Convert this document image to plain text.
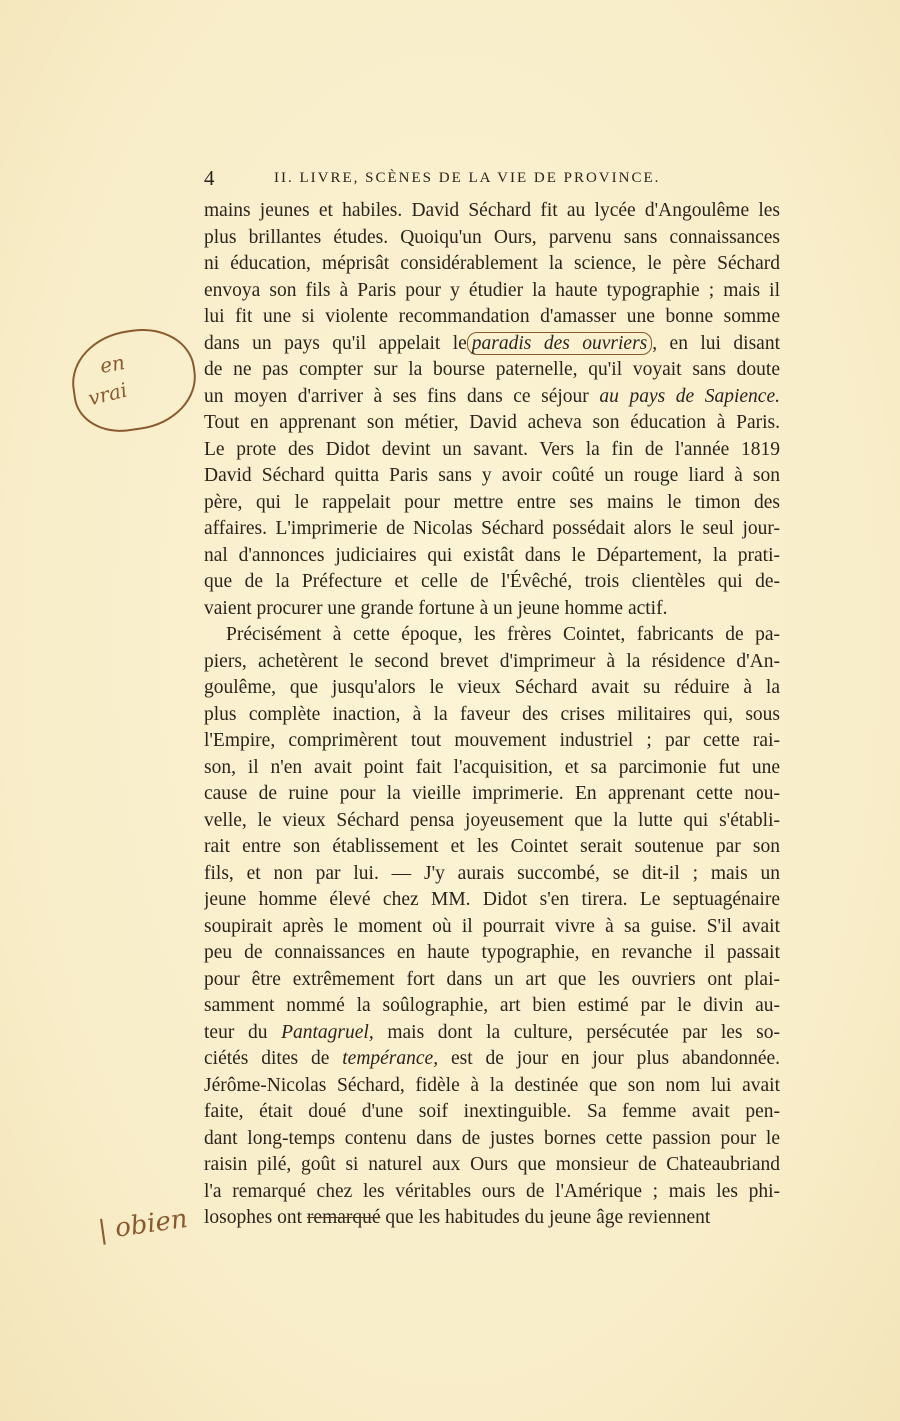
4	II. LIVRE, SCÈNES DE LA VIE DE PROVINCE.
mains jeunes et habiles. David Séchard fit au lycée d'Angoulême les
plus brillantes études. Quoiqu'un Ours, parvenu sans connaissances
ni éducation, méprisât considérablement la science, le père Séchard
envoya son fils à Paris pour y étudier la haute typographie ; mais il
lui fit une si violente recommandation d'amasser une bonne somme
dans un pays qu'il appelait le paradis des ouvriers , en lui disant
de ne pas compter sur la bourse paternelle, qu'il voyait sans doute
un moyen d'arriver à ses fins dans ce séjour au pays de Sapience.
Tout en apprenant son métier, David acheva son éducation à Paris.
Le prote des Didot devint un savant. Vers la fin de l'année 1819
David Séchard quitta Paris sans y avoir coûté un rouge liard à son
père, qui le rappelait pour mettre entre ses mains le timon des
affaires. L'imprimerie de Nicolas Séchard possédait alors le seul jour-
nal d'annonces judiciaires qui existât dans le Département, la prati-
que de la Préfecture et celle de l'Évêché, trois clientèles qui de-
vaient procurer une grande fortune à un jeune homme actif.
Précisément à cette époque, les frères Cointet, fabricants de pa-
piers, achetèrent le second brevet d'imprimeur à la résidence d'An-
goulême, que jusqu'alors le vieux Séchard avait su réduire à la
plus complète inaction, à la faveur des crises militaires qui, sous
l'Empire, comprimèrent tout mouvement industriel ; par cette rai-
son, il n'en avait point fait l'acquisition, et sa parcimonie fut une
cause de ruine pour la vieille imprimerie. En apprenant cette nou-
velle, le vieux Séchard pensa joyeusement que la lutte qui s'établi-
rait entre son établissement et les Cointet serait soutenue par son
fils, et non par lui. — J'y aurais succombé, se dit-il ; mais un
jeune homme élevé chez MM. Didot s'en tirera. Le septuagénaire
soupirait après le moment où il pourrait vivre à sa guise. S'il avait
peu de connaissances en haute typographie, en revanche il passait
pour être extrêmement fort dans un art que les ouvriers ont plai-
samment nommé la soûlographie, art bien estimé par le divin au-
teur du Pantagruel, mais dont la culture, persécutée par les so-
ciétés dites de tempérance, est de jour en jour plus abandonnée.
Jérôme-Nicolas Séchard, fidèle à la destinée que son nom lui avait
faite, était doué d'une soif inextinguible. Sa femme avait pen-
dant long-temps contenu dans de justes bornes cette passion pour le
raisin pilé, goût si naturel aux Ours que monsieur de Chateaubriand
l'a remarqué chez les véritables ours de l'Amérique ; mais les phi-
losophes ont remarqué que les habitudes du jeune âge reviennent
en
vrai
| obien
